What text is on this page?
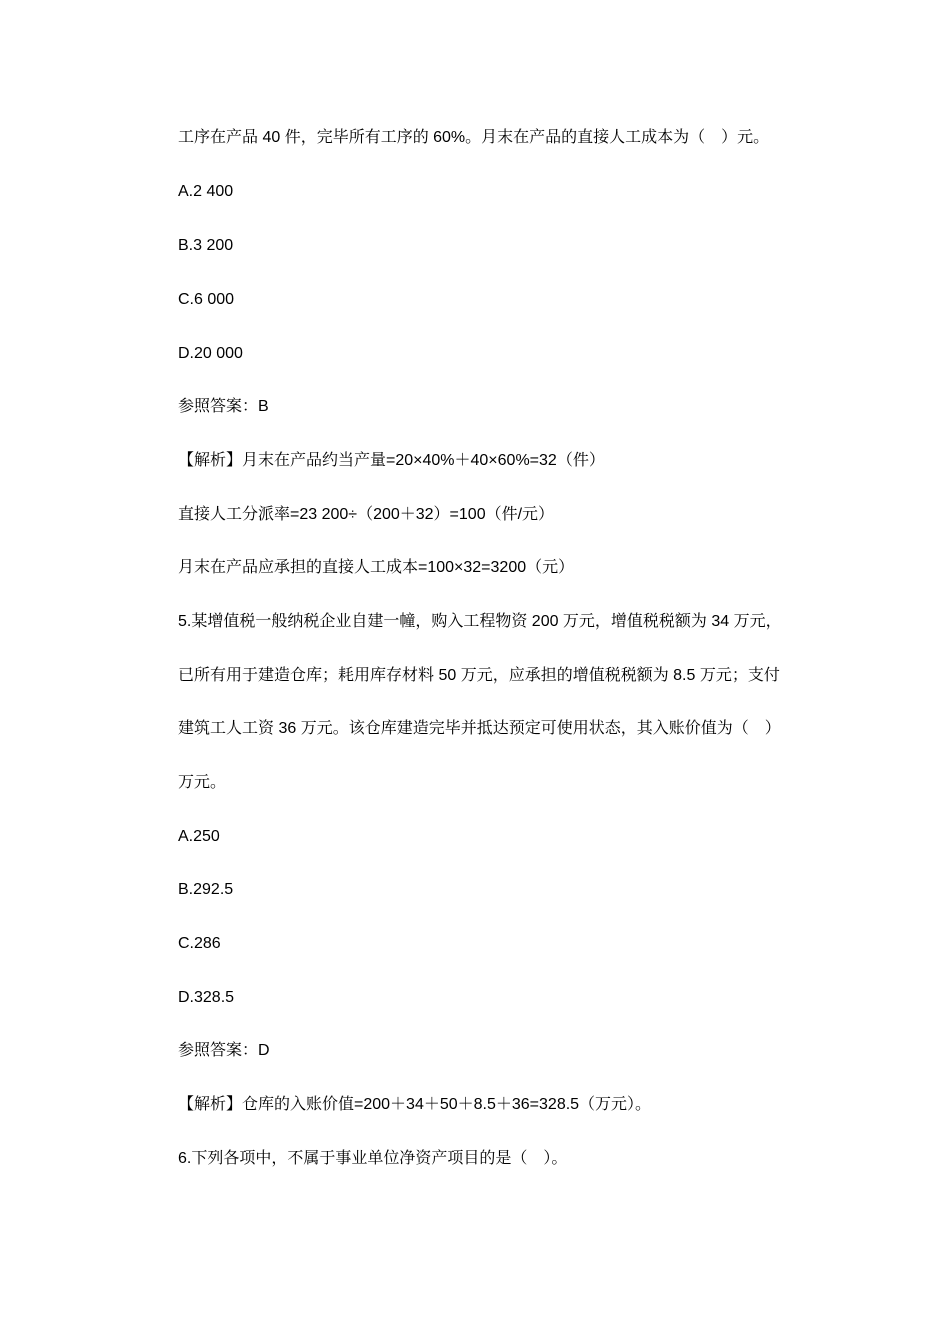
工序在产品 40 件，完毕所有工序的 60%。月末在产品的直接人工成本为（　）元。
A.2 400
B.3 200
C.6 000
D.20 000
参照答案：B
【解析】月末在产品约当产量=20×40%＋40×60%=32（件）
直接人工分派率=23 200÷（200＋32）=100（件/元）
月末在产品应承担的直接人工成本=100×32=3200（元）
5.某增值税一般纳税企业自建一幢，购入工程物资 200 万元，增值税税额为 34 万元，
已所有用于建造仓库；耗用库存材料 50 万元，应承担的增值税税额为 8.5 万元；支付
建筑工人工资 36 万元。该仓库建造完毕并抵达预定可使用状态，其入账价值为（　）
万元。
A.250
B.292.5
C.286
D.328.5
参照答案：D
【解析】仓库的入账价值=200＋34＋50＋8.5＋36=328.5（万元）。
6.下列各项中，不属于事业单位净资产项目的是（　）。
